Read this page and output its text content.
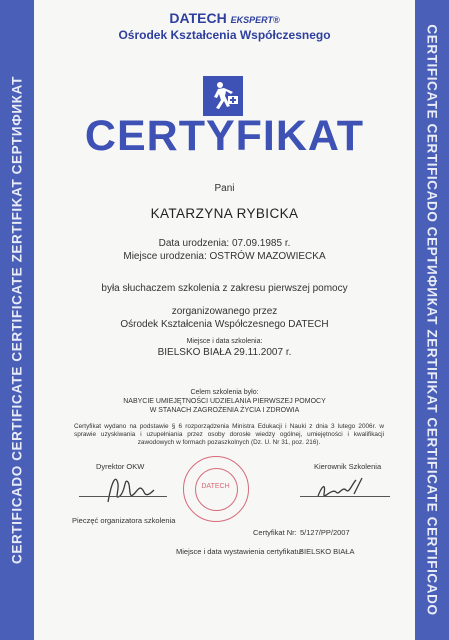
CERTIFICADO CERTIFICATE CERTIFICATE ZERTIFIKAT СЕРТИФИКАТ	CERTIFICATE CERTIFICADO СЕРТИФИКАТ ZERTIFIKAT CERTIFICATE CERTIFICADO
DATECH EKSPERT®
Ośrodek Kształcenia Współczesnego
CERTYFIKAT
Pani
KATARZYNA RYBICKA
Data urodzenia: 07.09.1985 r.
Miejsce urodzenia: OSTRÓW MAZOWIECKA
była słuchaczem szkolenia z zakresu pierwszej pomocy
zorganizowanego przez
Ośrodek Kształcenia Współczesnego DATECH
Miejsce i data szkolenia:
BIELSKO BIAŁA 29.11.2007 r.
Celem szkolenia było:
NABYCIE UMIEJĘTNOŚCI UDZIELANIA PIERWSZEJ POMOCY
W STANACH ZAGROŻENIA ŻYCIA I ZDROWIA
Certyfikat wydano na podstawie § 6 rozporządzenia Ministra Edukacji i Nauki z dnia 3 lutego 2006r. w sprawie uzyskiwania i uzupełniania przez osoby dorosłe wiedzy ogólnej, umiejętności i kwalifikacji zawodowych w formach pozaszkolnych (Dz. U. Nr 31, poz. 216).
Dyrektor OKW	Kierownik Szkolenia
DATECH
Pieczęć organizatora szkolenia
Certyfikat Nr: 5/127/PP/2007
Miejsce i data wystawienia certyfikatu:
BIELSKO BIAŁA
